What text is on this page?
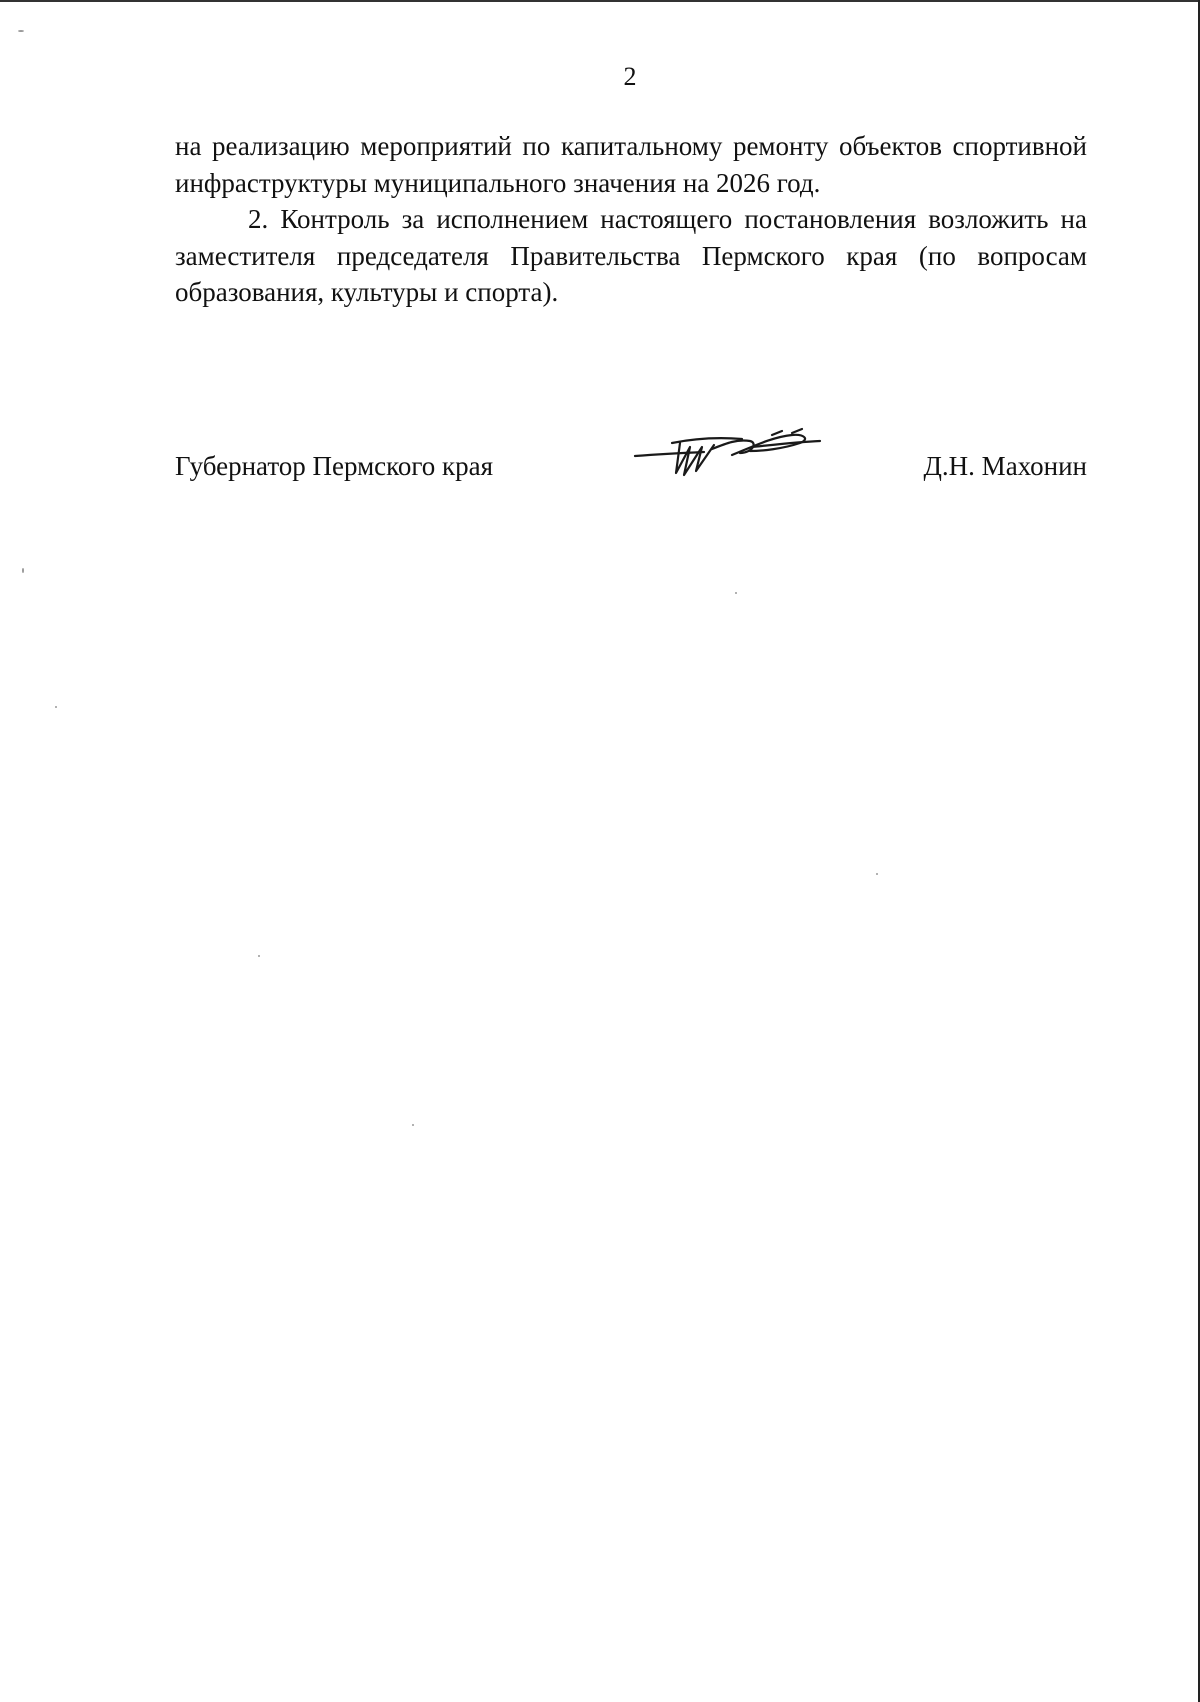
2

на реализацию мероприятий по капитальному ремонту объектов спортивной инфраструктуры муниципального значения на 2026 год.

2. Контроль за исполнением настоящего постановления возложить на заместителя председателя Правительства Пермского края (по вопросам образования, культуры и спорта).

Губернатор Пермского края	Д.Н. Махонин
